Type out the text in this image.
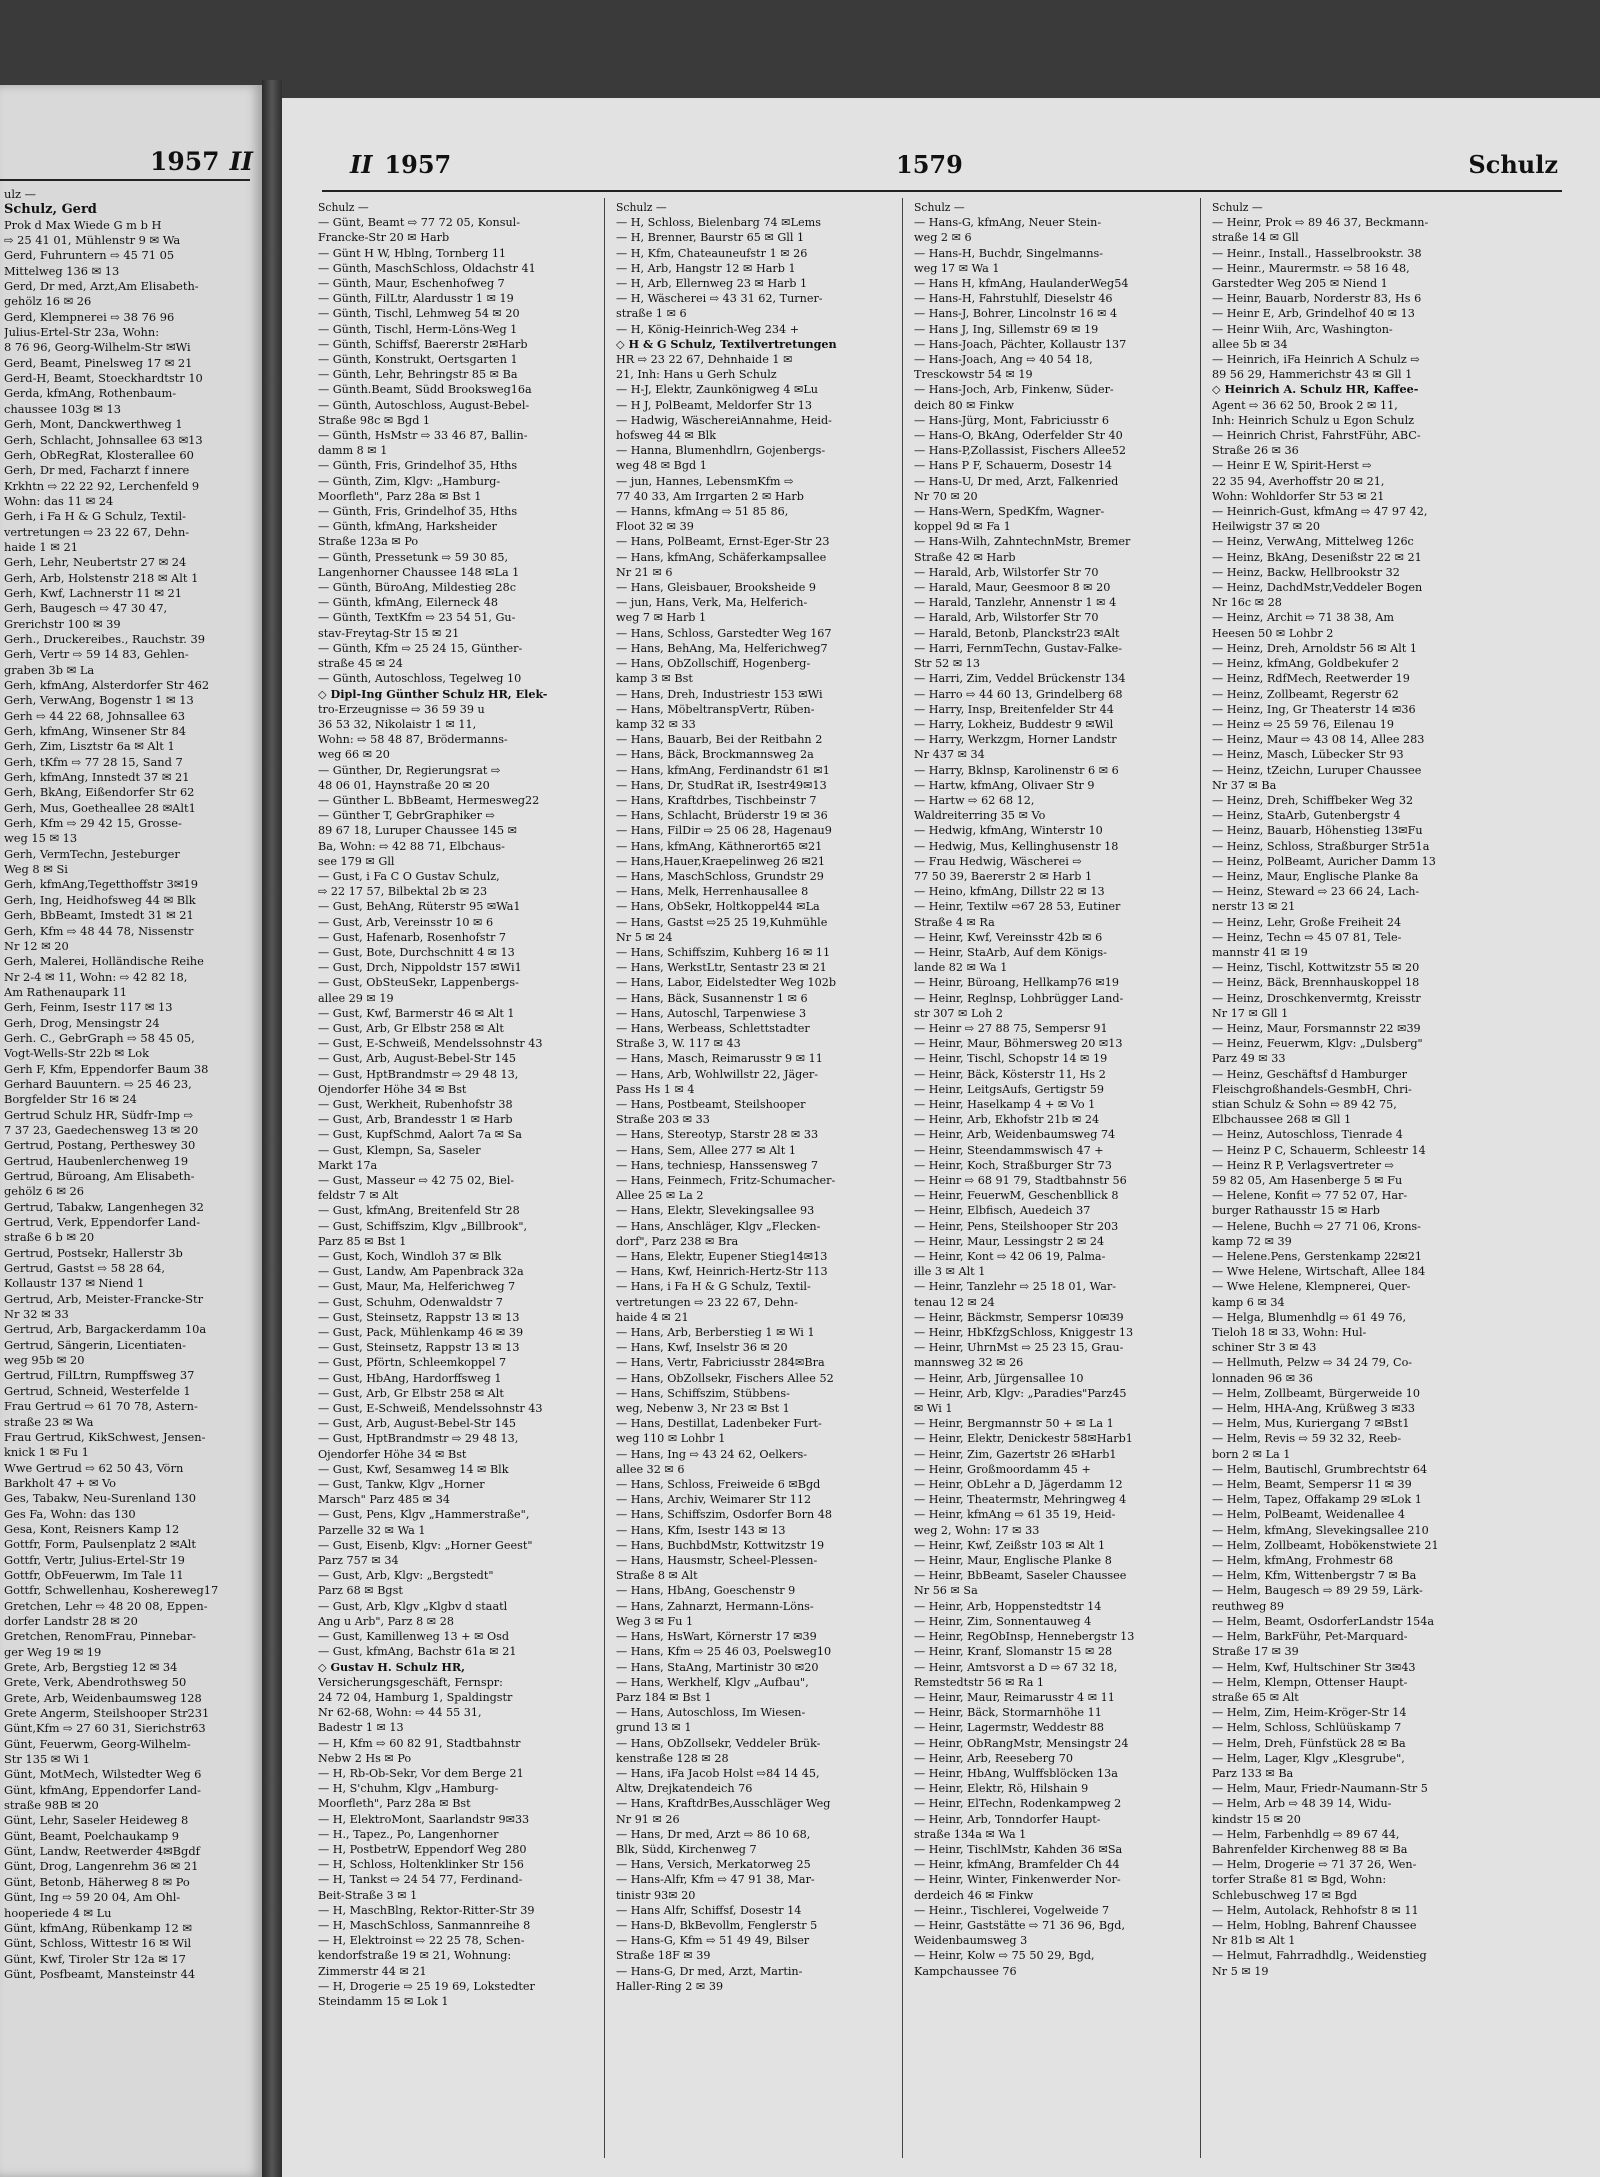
1957 II
ulz —
Schulz, Gerd
Prok d Max Wiede G m b H
⇨ 25 41 01, Mühlenstr 9 ✉ Wa
Gerd, Fuhruntern ⇨ 45 71 05
Mittelweg 136 ✉ 13
Gerd, Dr med, Arzt,Am Elisabeth-
gehölz 16 ✉ 26
Gerd, Klempnerei ⇨ 38 76 96
Julius-Ertel-Str 23a, Wohn:
8 76 96, Georg-Wilhelm-Str ✉Wi
Gerd, Beamt, Pinelsweg 17 ✉ 21
Gerd-H, Beamt, Stoeckhardtstr 10
Gerda, kfmAng, Rothenbaum-
chaussee 103g ✉ 13
Gerh, Mont, Danckwerthweg 1
Gerh, Schlacht, Johnsallee 63 ✉13
Gerh, ObRegRat, Klosterallee 60
Gerh, Dr med, Facharzt f innere
Krkhtn ⇨ 22 22 92, Lerchenfeld 9
Wohn: das 11 ✉ 24
Gerh, i Fa H & G Schulz, Textil-
vertretungen ⇨ 23 22 67, Dehn-
haide 1 ✉ 21
Gerh, Lehr, Neubertstr 27 ✉ 24
Gerh, Arb, Holstenstr 218 ✉ Alt 1
Gerh, Kwf, Lachnerstr 11 ✉ 21
Gerh, Baugesch ⇨ 47 30 47,
Grerichstr 100 ✉ 39
Gerh., Druckereibes., Rauchstr. 39
Gerh, Vertr ⇨ 59 14 83, Gehlen-
graben 3b ✉ La
Gerh, kfmAng, Alsterdorfer Str 462
Gerh, VerwAng, Bogenstr 1 ✉ 13
Gerh ⇨ 44 22 68, Johnsallee 63
Gerh, kfmAng, Winsener Str 84
Gerh, Zim, Lisztstr 6a ✉ Alt 1
Gerh, tKfm ⇨ 77 28 15, Sand 7
Gerh, kfmAng, Innstedt 37 ✉ 21
Gerh, BkAng, Eißendorfer Str 62
Gerh, Mus, Goetheallee 28 ✉Alt1
Gerh, Kfm ⇨ 29 42 15, Grosse-
weg 15 ✉ 13
Gerh, VermTechn, Jesteburger
Weg 8 ✉ Si
Gerh, kfmAng,Tegetthoffstr 3✉19
Gerh, Ing, Heidhofsweg 44 ✉ Blk
Gerh, BbBeamt, Imstedt 31 ✉ 21
Gerh, Kfm ⇨ 48 44 78, Nissenstr
Nr 12 ✉ 20
Gerh, Malerei, Holländische Reihe
Nr 2-4 ✉ 11, Wohn: ⇨ 42 82 18,
Am Rathenaupark 11
Gerh, Feinm, Isestr 117 ✉ 13
Gerh, Drog, Mensingstr 24
Gerh. C., GebrGraph ⇨ 58 45 05,
Vogt-Wells-Str 22b ✉ Lok
Gerh F, Kfm, Eppendorfer Baum 38
Gerhard Bauuntern. ⇨ 25 46 23,
Borgfelder Str 16 ✉ 24
Gertrud Schulz HR, Südfr-Imp ⇨
7 37 23, Gaedechensweg 13 ✉ 20
Gertrud, Postang, Pertheswey 30
Gertrud, Haubenlerchenweg 19
Gertrud, Büroang, Am Elisabeth-
gehölz 6 ✉ 26
Gertrud, Tabakw, Langenhegen 32
Gertrud, Verk, Eppendorfer Land-
straße 6 b ✉ 20
Gertrud, Postsekr, Hallerstr 3b
Gertrud, Gastst ⇨ 58 28 64,
Kollaustr 137 ✉ Niend 1
Gertrud, Arb, Meister-Francke-Str
Nr 32 ✉ 33
Gertrud, Arb, Bargackerdamm 10a
Gertrud, Sängerin, Licentiaten-
weg 95b ✉ 20
Gertrud, FilLtrn, Rumpffsweg 37
Gertrud, Schneid, Westerfelde 1
Frau Gertrud ⇨ 61 70 78, Astern-
straße 23 ✉ Wa
Frau Gertrud, KikSchwest, Jensen-
knick 1 ✉ Fu 1
Wwe Gertrud ⇨ 62 50 43, Vörn
Barkholt 47 + ✉ Vo
Ges, Tabakw, Neu-Surenland 130
Ges Fa, Wohn: das 130
Gesa, Kont, Reisners Kamp 12
Gottfr, Form, Paulsenplatz 2 ✉Alt
Gottfr, Vertr, Julius-Ertel-Str 19
Gottfr, ObFeuerwm, Im Tale 11
Gottfr, Schwellenhau, Koshereweg17
Gretchen, Lehr ⇨ 48 20 08, Eppen-
dorfer Landstr 28 ✉ 20
Gretchen, RenomFrau, Pinnebar-
ger Weg 19 ✉ 19
Grete, Arb, Bergstieg 12 ✉ 34
Grete, Verk, Abendrothsweg 50
Grete, Arb, Weidenbaumsweg 128
Grete Angerm, Steilshooper Str231
Günt,Kfm ⇨ 27 60 31, Sierichstr63
Günt, Feuerwm, Georg-Wilhelm-
Str 135 ✉ Wi 1
Günt, MotMech, Wilstedter Weg 6
Günt, kfmAng, Eppendorfer Land-
straße 98B ✉ 20
Günt, Lehr, Saseler Heideweg 8
Günt, Beamt, Poelchaukamp 9
Günt, Landw, Reetwerder 4✉Bgdf
Günt, Drog, Langenrehm 36 ✉ 21
Günt, Betonb, Häherweg 8 ✉ Po
Günt, Ing ⇨ 59 20 04, Am Ohl-
hooperiede 4 ✉ Lu
Günt, kfmAng, Rübenkamp 12 ✉
Günt, Schloss, Wittestr 16 ✉ Wil
Günt, Kwf, Tiroler Str 12a ✉ 17
Günt, Posfbeamt, Mansteinstr 44
II 1957	1579	Schulz
Schulz —
— Günt, Beamt ⇨ 77 72 05, Konsul-
Francke-Str 20 ✉ Harb
— Günt H W, Hblng, Tornberg 11
— Günth, MaschSchloss, Oldachstr 41
— Günth, Maur, Eschenhofweg 7
— Günth, FilLtr, Alardusstr 1 ✉ 19
— Günth, Tischl, Lehmweg 54 ✉ 20
— Günth, Tischl, Herm-Löns-Weg 1
— Günth, Schiffsf, Baererstr 2✉Harb
— Günth, Konstrukt, Oertsgarten 1
— Günth, Lehr, Behringstr 85 ✉ Ba
— Günth.Beamt, Südd Brooksweg16a
— Günth, Autoschloss, August-Bebel-
Straße 98c ✉ Bgd 1
— Günth, HsMstr ⇨ 33 46 87, Ballin-
damm 8 ✉ 1
— Günth, Fris, Grindelhof 35, Hths
— Günth, Zim, Klgv: „Hamburg-
Moorfleth", Parz 28a ✉ Bst 1
— Günth, Fris, Grindelhof 35, Hths
— Günth, kfmAng, Harksheider
Straße 123a ✉ Po
— Günth, Pressetunk ⇨ 59 30 85,
Langenhorner Chaussee 148 ✉La 1
— Günth, BüroAng, Mildestieg 28c
— Günth, kfmAng, Eilerneck 48
— Günth, TextKfm ⇨ 23 54 51, Gu-
stav-Freytag-Str 15 ✉ 21
— Günth, Kfm ⇨ 25 24 15, Günther-
straße 45 ✉ 24
— Günth, Autoschloss, Tegelweg 10
◇ Dipl-Ing Günther Schulz HR, Elek-
tro-Erzeugnisse ⇨ 36 59 39 u
36 53 32, Nikolaistr 1 ✉ 11,
Wohn: ⇨ 58 48 87, Brödermanns-
weg 66 ✉ 20
— Günther, Dr, Regierungsrat ⇨
48 06 01, Haynstraße 20 ✉ 20
— Günther L. BbBeamt, Hermesweg22
— Günther T, GebrGraphiker ⇨
89 67 18, Luruper Chaussee 145 ✉
Ba, Wohn: ⇨ 42 88 71, Elbchaus-
see 179 ✉ Gll
— Gust, i Fa C O Gustav Schulz,
⇨ 22 17 57, Bilbektal 2b ✉ 23
— Gust, BehAng, Rüterstr 95 ✉Wa1
— Gust, Arb, Vereinsstr 10 ✉ 6
— Gust, Hafenarb, Rosenhofstr 7
— Gust, Bote, Durchschnitt 4 ✉ 13
— Gust, Drch, Nippoldstr 157 ✉Wi1
— Gust, ObSteuSekr, Lappenbergs-
allee 29 ✉ 19
— Gust, Kwf, Barmerstr 46 ✉ Alt 1
— Gust, Arb, Gr Elbstr 258 ✉ Alt
— Gust, E-Schweiß, Mendelssohnstr 43
— Gust, Arb, August-Bebel-Str 145
— Gust, HptBrandmstr ⇨ 29 48 13,
Ojendorfer Höhe 34 ✉ Bst
— Gust, Werkheit, Rubenhofstr 38
— Gust, Arb, Brandesstr 1 ✉ Harb
— Gust, KupfSchmd, Aalort 7a ✉ Sa
— Gust, Klempn, Sa, Saseler
Markt 17a
— Gust, Masseur ⇨ 42 75 02, Biel-
feldstr 7 ✉ Alt
— Gust, kfmAng, Breitenfeld Str 28
— Gust, Schiffszim, Klgv „Billbrook",
Parz 85 ✉ Bst 1
— Gust, Koch, Windloh 37 ✉ Blk
— Gust, Landw, Am Papenbrack 32a
— Gust, Maur, Ma, Helferichweg 7
— Gust, Schuhm, Odenwaldstr 7
— Gust, Steinsetz, Rappstr 13 ✉ 13
— Gust, Pack, Mühlenkamp 46 ✉ 39
— Gust, Steinsetz, Rappstr 13 ✉ 13
— Gust, Pförtn, Schleemkoppel 7
— Gust, HbAng, Hardorffsweg 1
— Gust, Arb, Gr Elbstr 258 ✉ Alt
— Gust, E-Schweiß, Mendelssohnstr 43
— Gust, Arb, August-Bebel-Str 145
— Gust, HptBrandmstr ⇨ 29 48 13,
Ojendorfer Höhe 34 ✉ Bst
— Gust, Kwf, Sesamweg 14 ✉ Blk
— Gust, Tankw, Klgv „Horner
Marsch" Parz 485 ✉ 34
— Gust, Pens, Klgv „Hammerstraße",
Parzelle 32 ✉ Wa 1
— Gust, Eisenb, Klgv: „Horner Geest"
Parz 757 ✉ 34
— Gust, Arb, Klgv: „Bergstedt"
Parz 68 ✉ Bgst
— Gust, Arb, Klgv „Klgbv d staatl
Ang u Arb", Parz 8 ✉ 28
— Gust, Kamillenweg 13 + ✉ Osd
— Gust, kfmAng, Bachstr 61a ✉ 21
◇ Gustav H. Schulz HR,
Versicherungsgeschäft, Fernspr:
24 72 04, Hamburg 1, Spaldingstr
Nr 62-68, Wohn: ⇨ 44 55 31,
Badestr 1 ✉ 13
— H, Kfm ⇨ 60 82 91, Stadtbahnstr
Nebw 2 Hs ✉ Po
— H, Rb-Ob-Sekr, Vor dem Berge 21
— H, S'chuhm, Klgv „Hamburg-
Moorfleth", Parz 28a ✉ Bst
— H, ElektroMont, Saarlandstr 9✉33
— H., Tapez., Po, Langenhorner
— H, PostbetrW, Eppendorf Weg 280
— H, Schloss, Holtenklinker Str 156
— H, Tankst ⇨ 24 54 77, Ferdinand-
Beit-Straße 3 ✉ 1
— H, MaschBlng, Rektor-Ritter-Str 39
— H, MaschSchloss, Sanmannreihe 8
— H, Elektroinst ⇨ 22 25 78, Schen-
kendorfstraße 19 ✉ 21, Wohnung:
Zimmerstr 44 ✉ 21
— H, Drogerie ⇨ 25 19 69, Lokstedter
Steindamm 15 ✉ Lok 1
Schulz —
— H, Schloss, Bielenbarg 74 ✉Lems
— H, Brenner, Baurstr 65 ✉ Gll 1
— H, Kfm, Chateauneufstr 1 ✉ 26
— H, Arb, Hangstr 12 ✉ Harb 1
— H, Arb, Ellernweg 23 ✉ Harb 1
— H, Wäscherei ⇨ 43 31 62, Turner-
straße 1 ✉ 6
— H, König-Heinrich-Weg 234 +
◇ H & G Schulz, Textilvertretungen
HR ⇨ 23 22 67, Dehnhaide 1 ✉
21, Inh: Hans u Gerh Schulz
— H-J, Elektr, Zaunkönigweg 4 ✉Lu
— H J, PolBeamt, Meldorfer Str 13
— Hadwig, WäschereiAnnahme, Heid-
hofsweg 44 ✉ Blk
— Hanna, Blumenhdlrn, Gojenbergs-
weg 48 ✉ Bgd 1
— jun, Hannes, LebensmKfm ⇨
77 40 33, Am Irrgarten 2 ✉ Harb
— Hanns, kfmAng ⇨ 51 85 86,
Floot 32 ✉ 39
— Hans, PolBeamt, Ernst-Eger-Str 23
— Hans, kfmAng, Schäferkampsallee
Nr 21 ✉ 6
— Hans, Gleisbauer, Brooksheide 9
— jun, Hans, Verk, Ma, Helferich-
weg 7 ✉ Harb 1
— Hans, Schloss, Garstedter Weg 167
— Hans, BehAng, Ma, Helferichweg7
— Hans, ObZollschiff, Hogenberg-
kamp 3 ✉ Bst
— Hans, Dreh, Industriestr 153 ✉Wi
— Hans, MöbeltranspVertr, Rüben-
kamp 32 ✉ 33
— Hans, Bauarb, Bei der Reitbahn 2
— Hans, Bäck, Brockmannsweg 2a
— Hans, kfmAng, Ferdinandstr 61 ✉1
— Hans, Dr, StudRat iR, Isestr49✉13
— Hans, Kraftdrbes, Tischbeinstr 7
— Hans, Schlacht, Brüderstr 19 ✉ 36
— Hans, FilDir ⇨ 25 06 28, Hagenau9
— Hans, kfmAng, Käthnerort65 ✉21
— Hans,Hauer,Kraepelinweg 26 ✉21
— Hans, MaschSchloss, Grundstr 29
— Hans, Melk, Herrenhausallee 8
— Hans, ObSekr, Holtkoppel44 ✉La
— Hans, Gastst ⇨25 25 19,Kuhmühle
Nr 5 ✉ 24
— Hans, Schiffszim, Kuhberg 16 ✉ 11
— Hans, WerkstLtr, Sentastr 23 ✉ 21
— Hans, Labor, Eidelstedter Weg 102b
— Hans, Bäck, Susannenstr 1 ✉ 6
— Hans, Autoschl, Tarpenwiese 3
— Hans, Werbeass, Schlettstadter
Straße 3, W. 117 ✉ 43
— Hans, Masch, Reimarusstr 9 ✉ 11
— Hans, Arb, Wohlwillstr 22, Jäger-
Pass Hs 1 ✉ 4
— Hans, Postbeamt, Steilshooper
Straße 203 ✉ 33
— Hans, Stereotyp, Starstr 28 ✉ 33
— Hans, Sem, Allee 277 ✉ Alt 1
— Hans, techniesp, Hanssensweg 7
— Hans, Feinmech, Fritz-Schumacher-
Allee 25 ✉ La 2
— Hans, Elektr, Slevekingsallee 93
— Hans, Anschläger, Klgv „Flecken-
dorf", Parz 238 ✉ Bra
— Hans, Elektr, Eupener Stieg14✉13
— Hans, Kwf, Heinrich-Hertz-Str 113
— Hans, i Fa H & G Schulz, Textil-
vertretungen ⇨ 23 22 67, Dehn-
haide 4 ✉ 21
— Hans, Arb, Berberstieg 1 ✉ Wi 1
— Hans, Kwf, Inselstr 36 ✉ 20
— Hans, Vertr, Fabriciusstr 284✉Bra
— Hans, ObZollsekr, Fischers Allee 52
— Hans, Schiffszim, Stübbens-
weg, Nebenw 3, Nr 23 ✉ Bst 1
— Hans, Destillat, Ladenbeker Furt-
weg 110 ✉ Lohbr 1
— Hans, Ing ⇨ 43 24 62, Oelkers-
allee 32 ✉ 6
— Hans, Schloss, Freiweide 6 ✉Bgd
— Hans, Archiv, Weimarer Str 112
— Hans, Schiffszim, Osdorfer Born 48
— Hans, Kfm, Isestr 143 ✉ 13
— Hans, BuchbdMstr, Kottwitzstr 19
— Hans, Hausmstr, Scheel-Plessen-
Straße 8 ✉ Alt
— Hans, HbAng, Goeschenstr 9
— Hans, Zahnarzt, Hermann-Löns-
Weg 3 ✉ Fu 1
— Hans, HsWart, Körnerstr 17 ✉39
— Hans, Kfm ⇨ 25 46 03, Poelsweg10
— Hans, StaAng, Martinistr 30 ✉20
— Hans, Werkhelf, Klgv „Aufbau",
Parz 184 ✉ Bst 1
— Hans, Autoschloss, Im Wiesen-
grund 13 ✉ 1
— Hans, ObZollsekr, Veddeler Brük-
kenstraße 128 ✉ 28
— Hans, iFa Jacob Holst ⇨84 14 45,
Altw, Drejkatendeich 76
— Hans, KraftdrBes,Ausschläger Weg
Nr 91 ✉ 26
— Hans, Dr med, Arzt ⇨ 86 10 68,
Blk, Südd, Kirchenweg 7
— Hans, Versich, Merkatorweg 25
— Hans-Alfr, Kfm ⇨ 47 91 38, Mar-
tinistr 93✉ 20
— Hans Alfr, Schiffsf, Dosestr 14
— Hans-D, BkBevollm, Fenglerstr 5
— Hans-G, Kfm ⇨ 51 49 49, Bilser
Straße 18F ✉ 39
— Hans-G, Dr med, Arzt, Martin-
Haller-Ring 2 ✉ 39
Schulz —
— Hans-G, kfmAng, Neuer Stein-
weg 2 ✉ 6
— Hans-H, Buchdr, Singelmanns-
weg 17 ✉ Wa 1
— Hans H, kfmAng, HaulanderWeg54
— Hans-H, Fahrstuhlf, Dieselstr 46
— Hans-J, Bohrer, Lincolnstr 16 ✉ 4
— Hans J, Ing, Sillemstr 69 ✉ 19
— Hans-Joach, Pächter, Kollaustr 137
— Hans-Joach, Ang ⇨ 40 54 18,
Tresckowstr 54 ✉ 19
— Hans-Joch, Arb, Finkenw, Süder-
deich 80 ✉ Finkw
— Hans-Jürg, Mont, Fabriciusstr 6
— Hans-O, BkAng, Oderfelder Str 40
— Hans-P,Zollassist, Fischers Allee52
— Hans P F, Schauerm, Dosestr 14
— Hans-U, Dr med, Arzt, Falkenried
Nr 70 ✉ 20
— Hans-Wern, SpedKfm, Wagner-
koppel 9d ✉ Fa 1
— Hans-Wilh, ZahntechnMstr, Bremer
Straße 42 ✉ Harb
— Harald, Arb, Wilstorfer Str 70
— Harald, Maur, Geesmoor 8 ✉ 20
— Harald, Tanzlehr, Annenstr 1 ✉ 4
— Harald, Arb, Wilstorfer Str 70
— Harald, Betonb, Planckstr23 ✉Alt
— Harri, FernmTechn, Gustav-Falke-
Str 52 ✉ 13
— Harri, Zim, Veddel Brückenstr 134
— Harro ⇨ 44 60 13, Grindelberg 68
— Harry, Insp, Breitenfelder Str 44
— Harry, Lokheiz, Buddestr 9 ✉Wil
— Harry, Werkzgm, Horner Landstr
Nr 437 ✉ 34
— Harry, Bklnsp, Karolinenstr 6 ✉ 6
— Hartw, kfmAng, Olivaer Str 9
— Hartw ⇨ 62 68 12,
Waldreiterring 35 ✉ Vo
— Hedwig, kfmAng, Winterstr 10
— Hedwig, Mus, Kellinghusenstr 18
— Frau Hedwig, Wäscherei ⇨
77 50 39, Baererstr 2 ✉ Harb 1
— Heino, kfmAng, Dillstr 22 ✉ 13
— Heinr, Textilw ⇨67 28 53, Eutiner
Straße 4 ✉ Ra
— Heinr, Kwf, Vereinsstr 42b ✉ 6
— Heinr, StaArb, Auf dem Königs-
lande 82 ✉ Wa 1
— Heinr, Büroang, Hellkamp76 ✉19
— Heinr, Reglnsp, Lohbrügger Land-
str 307 ✉ Loh 2
— Heinr ⇨ 27 88 75, Sempersr 91
— Heinr, Maur, Böhmersweg 20 ✉13
— Heinr, Tischl, Schopstr 14 ✉ 19
— Heinr, Bäck, Kösterstr 11, Hs 2
— Heinr, LeitgsAufs, Gertigstr 59
— Heinr, Haselkamp 4 + ✉ Vo 1
— Heinr, Arb, Ekhofstr 21b ✉ 24
— Heinr, Arb, Weidenbaumsweg 74
— Heinr, Steendammswisch 47 +
— Heinr, Koch, Straßburger Str 73
— Heinr ⇨ 68 91 79, Stadtbahnstr 56
— Heinr, FeuerwM, Geschenbllick 8
— Heinr, Elbfisch, Auedeich 37
— Heinr, Pens, Steilshooper Str 203
— Heinr, Maur, Lessingstr 2 ✉ 24
— Heinr, Kont ⇨ 42 06 19, Palma-
ille 3 ✉ Alt 1
— Heinr, Tanzlehr ⇨ 25 18 01, War-
tenau 12 ✉ 24
— Heinr, Bäckmstr, Sempersr 10✉39
— Heinr, HbKfzgSchloss, Kniggestr 13
— Heinr, UhrnMst ⇨ 25 23 15, Grau-
mannsweg 32 ✉ 26
— Heinr, Arb, Jürgensallee 10
— Heinr, Arb, Klgv: „Paradies"Parz45
✉ Wi 1
— Heinr, Bergmannstr 50 + ✉ La 1
— Heinr, Elektr, Denickestr 58✉Harb1
— Heinr, Zim, Gazertstr 26 ✉Harb1
— Heinr, Großmoordamm 45 +
— Heinr, ObLehr a D, Jägerdamm 12
— Heinr, Theatermstr, Mehringweg 4
— Heinr, kfmAng ⇨ 61 35 19, Heid-
weg 2, Wohn: 17 ✉ 33
— Heinr, Kwf, Zeißstr 103 ✉ Alt 1
— Heinr, Maur, Englische Planke 8
— Heinr, BbBeamt, Saseler Chaussee
Nr 56 ✉ Sa
— Heinr, Arb, Hoppenstedtstr 14
— Heinr, Zim, Sonnentauweg 4
— Heinr, RegObInsp, Hennebergstr 13
— Heinr, Kranf, Slomanstr 15 ✉ 28
— Heinr, Amtsvorst a D ⇨ 67 32 18,
Remstedtstr 56 ✉ Ra 1
— Heinr, Maur, Reimarusstr 4 ✉ 11
— Heinr, Bäck, Stormarnhöhe 11
— Heinr, Lagermstr, Weddestr 88
— Heinr, ObRangMstr, Mensingstr 24
— Heinr, Arb, Reeseberg 70
— Heinr, HbAng, Wulffsblöcken 13a
— Heinr, Elektr, Rö, Hilshain 9
— Heinr, ElTechn, Rodenkampweg 2
— Heinr, Arb, Tonndorfer Haupt-
straße 134a ✉ Wa 1
— Heinr, TischlMstr, Kahden 36 ✉Sa
— Heinr, kfmAng, Bramfelder Ch 44
— Heinr, Winter, Finkenwerder Nor-
derdeich 46 ✉ Finkw
— Heinr., Tischlerei, Vogelweide 7
— Heinr, Gaststätte ⇨ 71 36 96, Bgd,
Weidenbaumsweg 3
— Heinr, Kolw ⇨ 75 50 29, Bgd,
Kampchaussee 76
Schulz —
— Heinr, Prok ⇨ 89 46 37, Beckmann-
straße 14 ✉ Gll
— Heinr., Install., Hasselbrookstr. 38
— Heinr., Maurermstr. ⇨ 58 16 48,
Garstedter Weg 205 ✉ Niend 1
— Heinr, Bauarb, Norderstr 83, Hs 6
— Heinr E, Arb, Grindelhof 40 ✉ 13
— Heinr Wiih, Arc, Washington-
allee 5b ✉ 34
— Heinrich, iFa Heinrich A Schulz ⇨
89 56 29, Hammerichstr 43 ✉ Gll 1
◇ Heinrich A. Schulz HR, Kaffee-
Agent ⇨ 36 62 50, Brook 2 ✉ 11,
Inh: Heinrich Schulz u Egon Schulz
— Heinrich Christ, FahrstFühr, ABC-
Straße 26 ✉ 36
— Heinr E W, Spirit-Herst ⇨
22 35 94, Averhoffstr 20 ✉ 21,
Wohn: Wohldorfer Str 53 ✉ 21
— Heinrich-Gust, kfmAng ⇨ 47 97 42,
Heilwigstr 37 ✉ 20
— Heinz, VerwAng, Mittelweg 126c
— Heinz, BkAng, Desenißstr 22 ✉ 21
— Heinz, Backw, Hellbrookstr 32
— Heinz, DachdMstr,Veddeler Bogen
Nr 16c ✉ 28
— Heinz, Archit ⇨ 71 38 38, Am
Heesen 50 ✉ Lohbr 2
— Heinz, Dreh, Arnoldstr 56 ✉ Alt 1
— Heinz, kfmAng, Goldbekufer 2
— Heinz, RdfMech, Reetwerder 19
— Heinz, Zollbeamt, Regerstr 62
— Heinz, Ing, Gr Theaterstr 14 ✉36
— Heinz ⇨ 25 59 76, Eilenau 19
— Heinz, Maur ⇨ 43 08 14, Allee 283
— Heinz, Masch, Lübecker Str 93
— Heinz, tZeichn, Luruper Chaussee
Nr 37 ✉ Ba
— Heinz, Dreh, Schiffbeker Weg 32
— Heinz, StaArb, Gutenbergstr 4
— Heinz, Bauarb, Höhenstieg 13✉Fu
— Heinz, Schloss, Straßburger Str51a
— Heinz, PolBeamt, Auricher Damm 13
— Heinz, Maur, Englische Planke 8a
— Heinz, Steward ⇨ 23 66 24, Lach-
nerstr 13 ✉ 21
— Heinz, Lehr, Große Freiheit 24
— Heinz, Techn ⇨ 45 07 81, Tele-
mannstr 41 ✉ 19
— Heinz, Tischl, Kottwitzstr 55 ✉ 20
— Heinz, Bäck, Brennhauskoppel 18
— Heinz, Droschkenvermtg, Kreisstr
Nr 17 ✉ Gll 1
— Heinz, Maur, Forsmannstr 22 ✉39
— Heinz, Feuerwm, Klgv: „Dulsberg"
Parz 49 ✉ 33
— Heinz, Geschäftsf d Hamburger
Fleischgroßhandels-GesmbH, Chri-
stian Schulz & Sohn ⇨ 89 42 75,
Elbchaussee 268 ✉ Gll 1
— Heinz, Autoschloss, Tienrade 4
— Heinz P C, Schauerm, Schleestr 14
— Heinz R P, Verlagsvertreter ⇨
59 82 05, Am Hasenberge 5 ✉ Fu
— Helene, Konfit ⇨ 77 52 07, Har-
burger Rathausstr 15 ✉ Harb
— Helene, Buchh ⇨ 27 71 06, Krons-
kamp 72 ✉ 39
— Helene.Pens, Gerstenkamp 22✉21
— Wwe Helene, Wirtschaft, Allee 184
— Wwe Helene, Klempnerei, Quer-
kamp 6 ✉ 34
— Helga, Blumenhdlg ⇨ 61 49 76,
Tieloh 18 ✉ 33, Wohn: Hul-
schiner Str 3 ✉ 43
— Hellmuth, Pelzw ⇨ 34 24 79, Co-
lonnaden 96 ✉ 36
— Helm, Zollbeamt, Bürgerweide 10
— Helm, HHA-Ang, Krüßweg 3 ✉33
— Helm, Mus, Kuriergang 7 ✉Bst1
— Helm, Revis ⇨ 59 32 32, Reeb-
born 2 ✉ La 1
— Helm, Bautischl, Grumbrechtstr 64
— Helm, Beamt, Sempersr 11 ✉ 39
— Helm, Tapez, Offakamp 29 ✉Lok 1
— Helm, PolBeamt, Weidenallee 4
— Helm, kfmAng, Slevekingsallee 210
— Helm, Zollbeamt, Hobökenstwiete 21
— Helm, kfmAng, Frohmestr 68
— Helm, Kfm, Wittenbergstr 7 ✉ Ba
— Helm, Baugesch ⇨ 89 29 59, Lärk-
reuthweg 89
— Helm, Beamt, OsdorferLandstr 154a
— Helm, BarkFühr, Pet-Marquard-
Straße 17 ✉ 39
— Helm, Kwf, Hultschiner Str 3✉43
— Helm, Klempn, Ottenser Haupt-
straße 65 ✉ Alt
— Helm, Zim, Heim-Kröger-Str 14
— Helm, Schloss, Schlüüskamp 7
— Helm, Dreh, Fünfstück 28 ✉ Ba
— Helm, Lager, Klgv „Klesgrube",
Parz 133 ✉ Ba
— Helm, Maur, Friedr-Naumann-Str 5
— Helm, Arb ⇨ 48 39 14, Widu-
kindstr 15 ✉ 20
— Helm, Farbenhdlg ⇨ 89 67 44,
Bahrenfelder Kirchenweg 88 ✉ Ba
— Helm, Drogerie ⇨ 71 37 26, Wen-
torfer Straße 81 ✉ Bgd, Wohn:
Schlebuschweg 17 ✉ Bgd
— Helm, Autolack, Rehhofstr 8 ✉ 11
— Helm, Hoblng, Bahrenf Chaussee
Nr 81b ✉ Alt 1
— Helmut, Fahrradhdlg., Weidenstieg
Nr 5 ✉ 19
